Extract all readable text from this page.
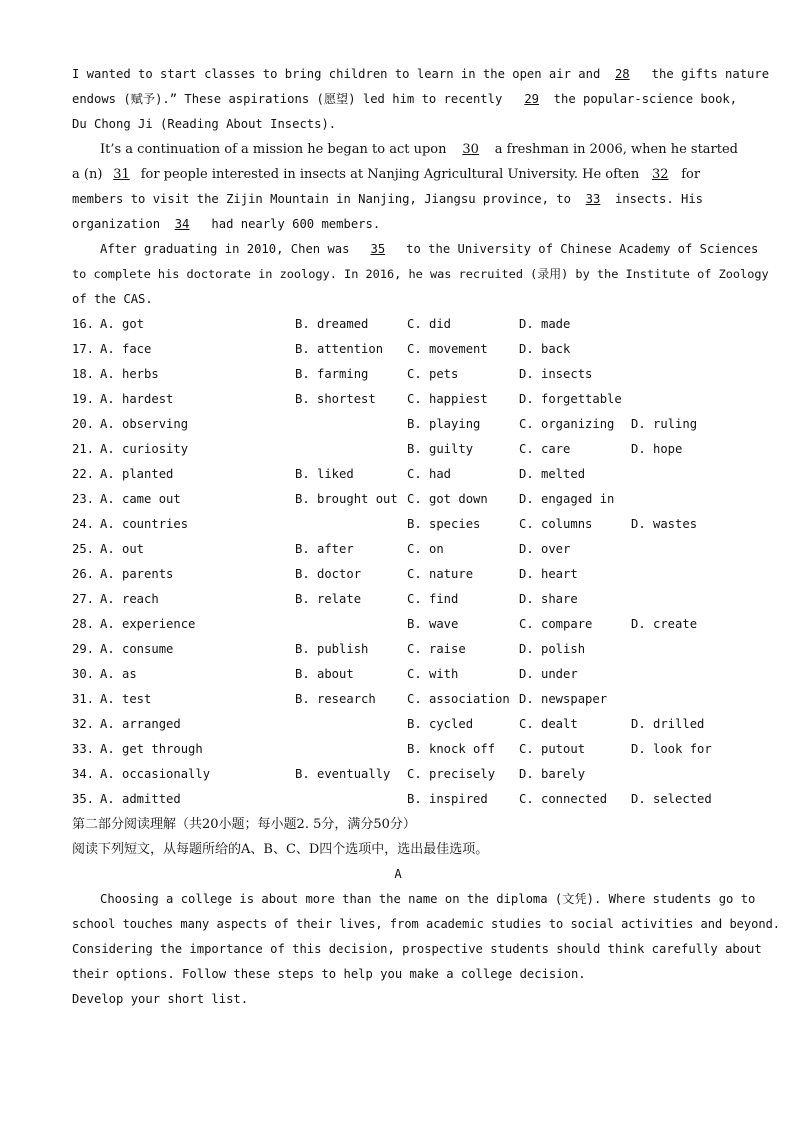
I wanted to start classes to bring children to learn in the open air and 28 the gifts nature
endows (赋予).” These aspirations (愿望) led him to recently 29 the popular-science book,
Du Chong Ji (Reading About Insects).
It’s a continuation of a mission he began to act upon 30 a freshman in 2006, when he started
a (n) 31 for people interested in insects at Nanjing Agricultural University. He often 32 for
members to visit the Zijin Mountain in Nanjing, Jiangsu province, to 33 insects. His
organization 34 had nearly 600 members.
After graduating in 2010, Chen was 35 to the University of Chinese Academy of Sciences
to complete his doctorate in zoology. In 2016, he was recruited (录用) by the Institute of Zoology
of the CAS.
16. A. got	B. dreamed	C. did	D. made
17. A. face	B. attention C. movement	D. back
18. A. herbs	B. farming	C. pets	D. insects
19. A. hardest	B. shortest	C. happiest	D. forgettable
20. A. observing	B. playing	C. organizing D. ruling
21. A. curiosity	B. guilty	C. care	D. hope
22. A. planted	B. liked	C. had	D. melted
23. A. came out	B. brought out C. got down	D. engaged in
24. A. countries	B. species	C. columns	D. wastes
25. A. out	B. after	C. on	D. over
26. A. parents	B. doctor	C. nature	D. heart
27. A. reach	B. relate	C. find	D. share
28. A. experience	B. wave	C. compare	D. create
29. A. consume	B. publish	C. raise	D. polish
30. A. as	B. about	C. with	D. under
31. A. test	B. research	C. association D. newspaper
32. A. arranged	B. cycled	C. dealt	D. drilled
33. A. get through	B. knock off C. putout	D. look for
34. A. occasionally	B. eventually C. precisely D. barely
35. A. admitted	B. inspired	C. connected D. selected
第二部分阅读理解（共20小题；每小题2. 5分，满分50分）
阅读下列短文，从每题所给的A、B、C、D四个选项中，选出最佳选项。
A
Choosing a college is about more than the name on the diploma (文凭). Where students go to
school touches many aspects of their lives, from academic studies to social activities and beyond.
Considering the importance of this decision, prospective students should think carefully about
their options. Follow these steps to help you make a college decision.
Develop your short list.
